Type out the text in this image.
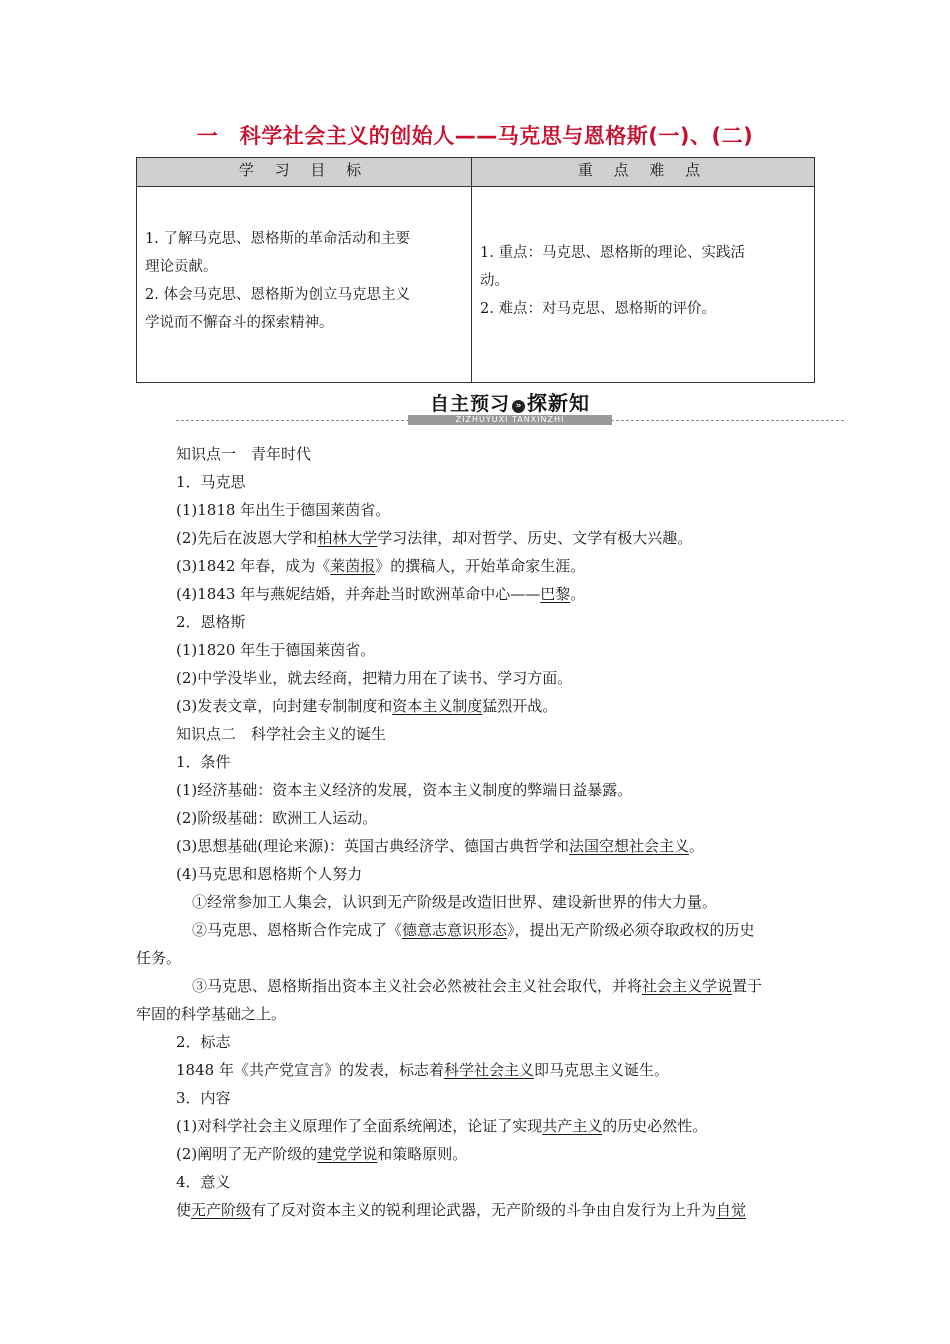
一　科学社会主义的创始人——马克思与恩格斯(一)、(二)
学 习 目 标
1. 了解马克思、恩格斯的革命活动和主要
理论贡献。
2. 体会马克思、恩格斯为创立马克思主义
学说而不懈奋斗的探索精神。
重 点 难 点
1. 重点：马克思、恩格斯的理论、实践活
动。
2. 难点：对马克思、恩格斯的评价。
自主预习 » 探新知
ZIZHUYUXI TANXINZHI

知识点一　青年时代

1．马克思

(1)1818 年出生于德国莱茵省。

(2)先后在波恩大学和柏林大学学习法律，却对哲学、历史、文学有极大兴趣。

(3)1842 年春，成为《莱茵报》的撰稿人，开始革命家生涯。

(4)1843 年与燕妮结婚，并奔赴当时欧洲革命中心——巴黎。

2．恩格斯

(1)1820 年生于德国莱茵省。

(2)中学没毕业，就去经商，把精力用在了读书、学习方面。

(3)发表文章，向封建专制制度和资本主义制度猛烈开战。

知识点二　科学社会主义的诞生

1．条件

(1)经济基础：资本主义经济的发展，资本主义制度的弊端日益暴露。

(2)阶级基础：欧洲工人运动。

(3)思想基础(理论来源)：英国古典经济学、德国古典哲学和法国空想社会主义。

(4)马克思和恩格斯个人努力

①经常参加工人集会，认识到无产阶级是改造旧世界、建设新世界的伟大力量。

②马克思、恩格斯合作完成了《德意志意识形态》，提出无产阶级必须夺取政权的历史

任务。

③马克思、恩格斯指出资本主义社会必然被社会主义社会取代，并将社会主义学说置于

牢固的科学基础之上。

2．标志

1848 年《共产党宣言》的发表，标志着科学社会主义即马克思主义诞生。

3．内容

(1)对科学社会主义原理作了全面系统阐述，论证了实现共产主义的历史必然性。

(2)阐明了无产阶级的建党学说和策略原则。

4．意义

使无产阶级有了反对资本主义的锐利理论武器，无产阶级的斗争由自发行为上升为自觉
